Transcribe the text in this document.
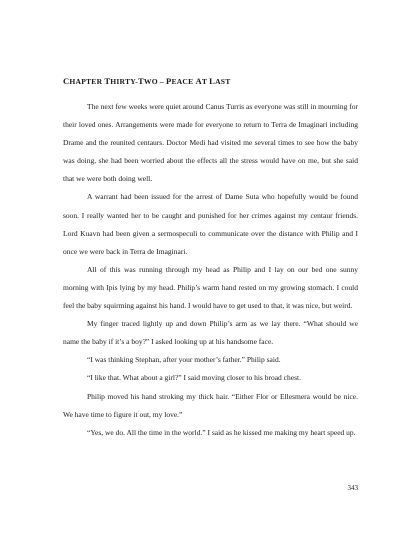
CHAPTER THIRTY-TWO – PEACE AT LAST

The next few weeks were quiet around Canus Turris as everyone was still in mourning for their loved ones. Arrangements were made for everyone to return to Terra de Imaginari including Drame and the reunited centaurs. Doctor Medi had visited me several times to see how the baby was doing, she had been worried about the effects all the stress would have on me, but she said that we were both doing well.

A warrant had been issued for the arrest of Dame Suta who hopefully would be found soon. I really wanted her to be caught and punished for her crimes against my centaur friends. Lord Kuavn had been given a sermospeculi to communicate over the distance with Philip and I once we were back in Terra de Imaginari.

All of this was running through my head as Philip and I lay on our bed one sunny morning with Ipis lying by my head. Philip’s warm hand rested on my growing stomach. I could feel the baby squirming against his hand. I would have to get used to that, it was nice, but weird.

My finger traced lightly up and down Philip’s arm as we lay there. “What should we name the baby if it’s a boy?” I asked looking up at his handsome face.

“I was thinking Stephan, after your mother’s father.” Philip said.

“I like that. What about a girl?” I said moving closer to his broad chest.

Philip moved his hand stroking my thick hair. “Either Flor or Ellesmera would be nice. We have time to figure it out, my love.”

“Yes, we do. All the time in the world.” I said as he kissed me making my heart speed up.

343
